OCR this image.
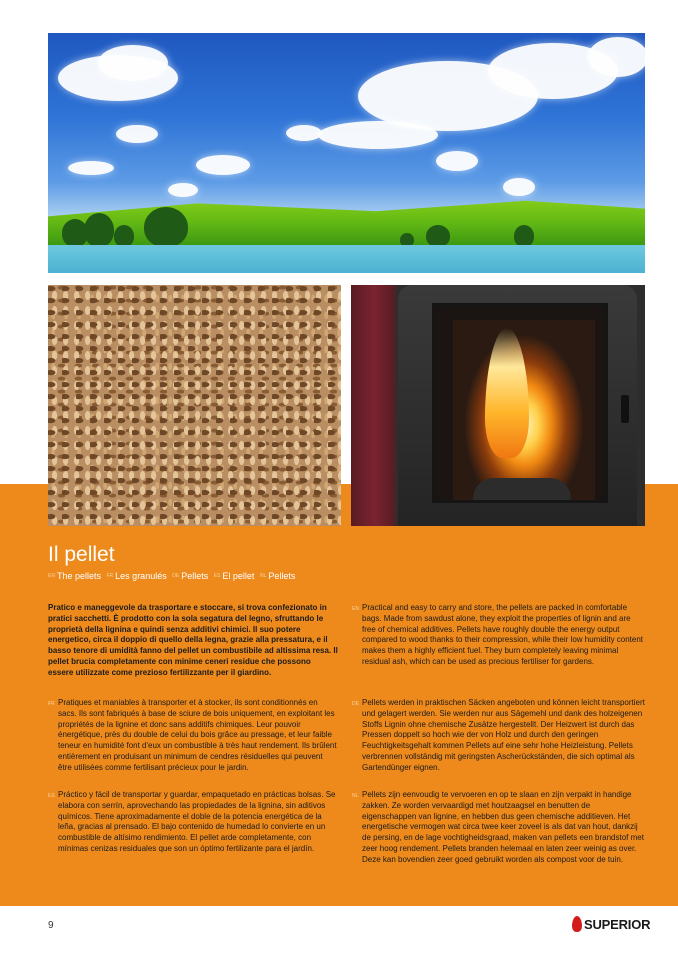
Il pellet
$^{EN}$ The pellets $^{FR}$ Les granulés $^{DE}$ Pellets $^{ES}$ El pellet $^{NL}$ Pellets
Pratico e maneggevole da trasportare e stoccare, si trova confezionato in pratici sacchetti. È prodotto con la sola segatura del legno, sfruttando le proprietà della lignina e quindi senza additivi chimici. Il suo potere energetico, circa il doppio di quello della legna, grazie alla pressatura, e il basso tenore di umidità fanno del pellet un combustibile ad altissima resa. Il pellet brucia completamente con minime ceneri residue che possono essere utilizzate come prezioso fertilizzante per il giardino.
FR Pratiques et maniables à transporter et à stocker, ils sont conditionnés en sacs. Ils sont fabriqués à base de sciure de bois uniquement, en exploitant les propriétés de la lignine et donc sans additifs chimiques. Leur pouvoir énergétique, près du double de celui du bois grâce au pressage, et leur faible teneur en humidité font d'eux un combustible à très haut rendement. Ils brûlent entièrement en produisant un minimum de cendres résiduelles qui peuvent être utilisées comme fertilisant précieux pour le jardin.
ES Práctico y fácil de transportar y guardar, empaquetado en prácticas bolsas. Se elabora con serrín, aprovechando las propiedades de la lignina, sin aditivos químicos. Tiene aproximadamente el doble de la potencia energética de la leña, gracias al prensado. El bajo contenido de humedad lo convierte en un combustible de altísimo rendimiento. El pellet arde completamente, con mínimas cenizas residuales que son un óptimo fertilizante para el jardín.
EN Practical and easy to carry and store, the pellets are packed in comfortable bags. Made from sawdust alone, they exploit the properties of lignin and are free of chemical additives. Pellets have roughly double the energy output compared to wood thanks to their compression, while their low humidity content makes them a highly efficient fuel. They burn completely leaving minimal residual ash, which can be used as precious fertiliser for gardens.
DE Pellets werden in praktischen Säcken angeboten und können leicht transportiert und gelagert werden. Sie werden nur aus Sägemehl und dank des holzeigenen Stoffs Lignin ohne chemische Zusätze hergestellt. Der Heizwert ist durch das Pressen doppelt so hoch wie der von Holz und durch den geringen Feuchtigkeitsgehalt kommen Pellets auf eine sehr hohe Heizleistung. Pellets verbrennen vollständig mit geringsten Ascherückständen, die sich optimal als Gartendünger eignen.
NL Pellets zijn eenvoudig te vervoeren en op te slaan en zijn verpakt in handige zakken. Ze worden vervaardigd met houtzaagsel en benutten de eigenschappen van lignine, en hebben dus geen chemische additieven. Het energetische vermogen wat circa twee keer zoveel is als dat van hout, dankzij de persing, en de lage vochtigheidsgraad, maken van pellets een brandstof met zeer hoog rendement. Pellets branden helemaal en laten zeer weinig as over. Deze kan bovendien zeer goed gebruikt worden als compost voor de tuin.
9	SUPERIOR
